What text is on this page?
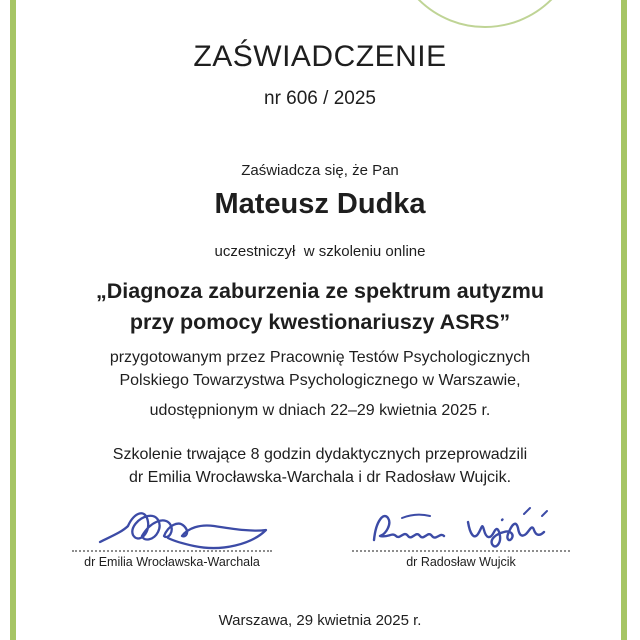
ZAŚWIADCZENIE
nr 606 / 2025
Zaświadcza się, że Pan
Mateusz Dudka
uczestniczył  w szkoleniu online
„Diagnoza zaburzenia ze spektrum autyzmu
przy pomocy kwestionariuszy ASRS”
przygotowanym przez Pracownię Testów Psychologicznych
Polskiego Towarzystwa Psychologicznego w Warszawie,
udostępnionym w dniach 22–29 kwietnia 2025 r.
Szkolenie trwające 8 godzin dydaktycznych przeprowadzili
dr Emilia Wrocławska-Warchala i dr Radosław Wujcik.
dr Emilia Wrocławska-Warchala	dr Radosław Wujcik
Warszawa, 29 kwietnia 2025 r.
